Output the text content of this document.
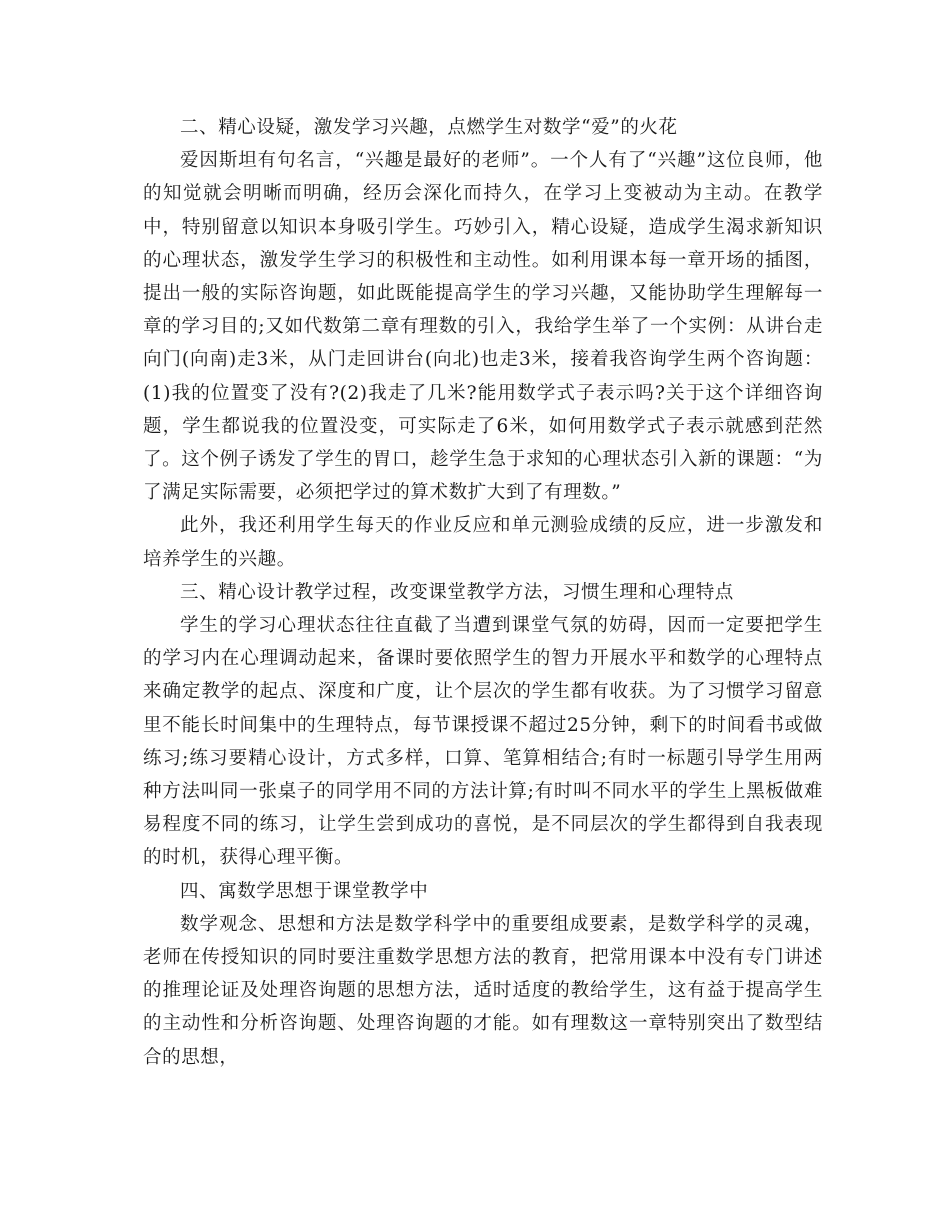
二、精心设疑，激发学习兴趣，点燃学生对数学“爱”的火花

爱因斯坦有句名言，“兴趣是最好的老师”。一个人有了“兴趣”这位良师，他的知觉就会明晰而明确，经历会深化而持久，在学习上变被动为主动。在教学中，特别留意以知识本身吸引学生。巧妙引入，精心设疑，造成学生渴求新知识的心理状态，激发学生学习的积极性和主动性。如利用课本每一章开场的插图，提出一般的实际咨询题，如此既能提高学生的学习兴趣，又能协助学生理解每一章的学习目的;又如代数第二章有理数的引入，我给学生举了一个实例：从讲台走向门(向南)走3米，从门走回讲台(向北)也走3米，接着我咨询学生两个咨询题：(1)我的位置变了没有?(2)我走了几米?能用数学式子表示吗?关于这个详细咨询题，学生都说我的位置没变，可实际走了6米，如何用数学式子表示就感到茫然了。这个例子诱发了学生的胃口，趁学生急于求知的心理状态引入新的课题：“为了满足实际需要，必须把学过的算术数扩大到了有理数。”

此外，我还利用学生每天的作业反应和单元测验成绩的反应，进一步激发和培养学生的兴趣。

三、精心设计教学过程，改变课堂教学方法，习惯生理和心理特点

学生的学习心理状态往往直截了当遭到课堂气氛的妨碍，因而一定要把学生的学习内在心理调动起来，备课时要依照学生的智力开展水平和数学的心理特点来确定教学的起点、深度和广度，让个层次的学生都有收获。为了习惯学习留意里不能长时间集中的生理特点，每节课授课不超过25分钟，剩下的时间看书或做练习;练习要精心设计，方式多样，口算、笔算相结合;有时一标题引导学生用两种方法叫同一张桌子的同学用不同的方法计算;有时叫不同水平的学生上黑板做难易程度不同的练习，让学生尝到成功的喜悦，是不同层次的学生都得到自我表现的时机，获得心理平衡。

四、寓数学思想于课堂教学中

数学观念、思想和方法是数学科学中的重要组成要素，是数学科学的灵魂，老师在传授知识的同时要注重数学思想方法的教育，把常用课本中没有专门讲述的推理论证及处理咨询题的思想方法，适时适度的教给学生，这有益于提高学生的主动性和分析咨询题、处理咨询题的才能。如有理数这一章特别突出了数型结合的思想，
